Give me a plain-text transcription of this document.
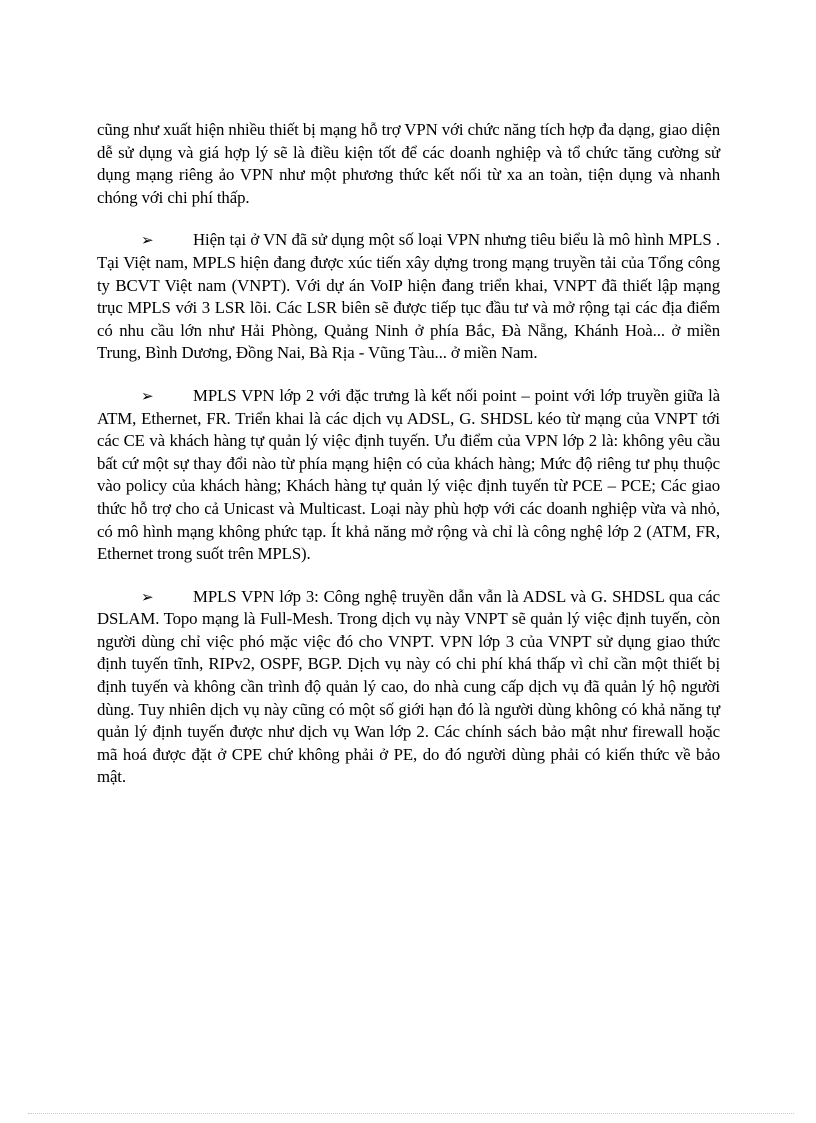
cũng như xuất hiện nhiều thiết bị mạng hỗ trợ VPN với chức năng tích hợp đa dạng, giao diện dễ sử dụng và giá hợp lý sẽ là điều kiện tốt để các doanh nghiệp và tổ chức tăng cường sử dụng mạng riêng ảo VPN như một phương thức kết nối từ xa an toàn, tiện dụng và nhanh chóng với chi phí thấp.

➢ Hiện tại ở VN đã sử dụng một số loại VPN nhưng tiêu biểu là mô hình MPLS . Tại Việt nam, MPLS hiện đang được xúc tiến xây dựng trong mạng truyền tải của Tổng công ty BCVT Việt nam (VNPT). Với dự án VoIP hiện đang triển khai, VNPT đã thiết lập mạng trục MPLS với 3 LSR lõi. Các LSR biên sẽ được tiếp tục đầu tư và mở rộng tại các địa điểm có nhu cầu lớn như Hải Phòng, Quảng Ninh ở phía Bắc, Đà Nẵng, Khánh Hoà... ở miền Trung, Bình Dương, Đồng Nai, Bà Rịa - Vũng Tàu... ở miền Nam.

➢ MPLS VPN lớp 2 với đặc trưng là kết nối point – point với lớp truyền giữa là ATM, Ethernet, FR. Triển khai là các dịch vụ ADSL, G. SHDSL kéo từ mạng của VNPT tới các CE và khách hàng tự quản lý việc định tuyến. Ưu điểm của VPN lớp 2 là: không yêu cầu bất cứ một sự thay đổi nào từ phía mạng hiện có của khách hàng; Mức độ riêng tư phụ thuộc vào policy của khách hàng; Khách hàng tự quản lý việc định tuyến từ PCE – PCE; Các giao thức hỗ trợ cho cả Unicast và Multicast. Loại này phù hợp với các doanh nghiệp vừa và nhỏ, có mô hình mạng không phức tạp. Ít khả năng mở rộng và chỉ là công nghệ lớp 2 (ATM, FR, Ethernet trong suốt trên MPLS).

➢ MPLS VPN lớp 3: Công nghệ truyền dẫn vẫn là ADSL và G. SHDSL qua các DSLAM. Topo mạng là Full-Mesh. Trong dịch vụ này VNPT sẽ quản lý việc định tuyến, còn người dùng chỉ việc phó mặc việc đó cho VNPT. VPN lớp 3 của VNPT sử dụng giao thức định tuyến tĩnh, RIPv2, OSPF, BGP. Dịch vụ này có chi phí khá thấp vì chỉ cần một thiết bị định tuyến và không cần trình độ quản lý cao, do nhà cung cấp dịch vụ đã quản lý hộ người dùng. Tuy nhiên dịch vụ này cũng có một số giới hạn đó là người dùng không có khả năng tự quản lý định tuyến được như dịch vụ Wan lớp 2. Các chính sách bảo mật như firewall hoặc mã hoá được đặt ở CPE chứ không phải ở PE, do đó người dùng phải có kiến thức về bảo mật.
